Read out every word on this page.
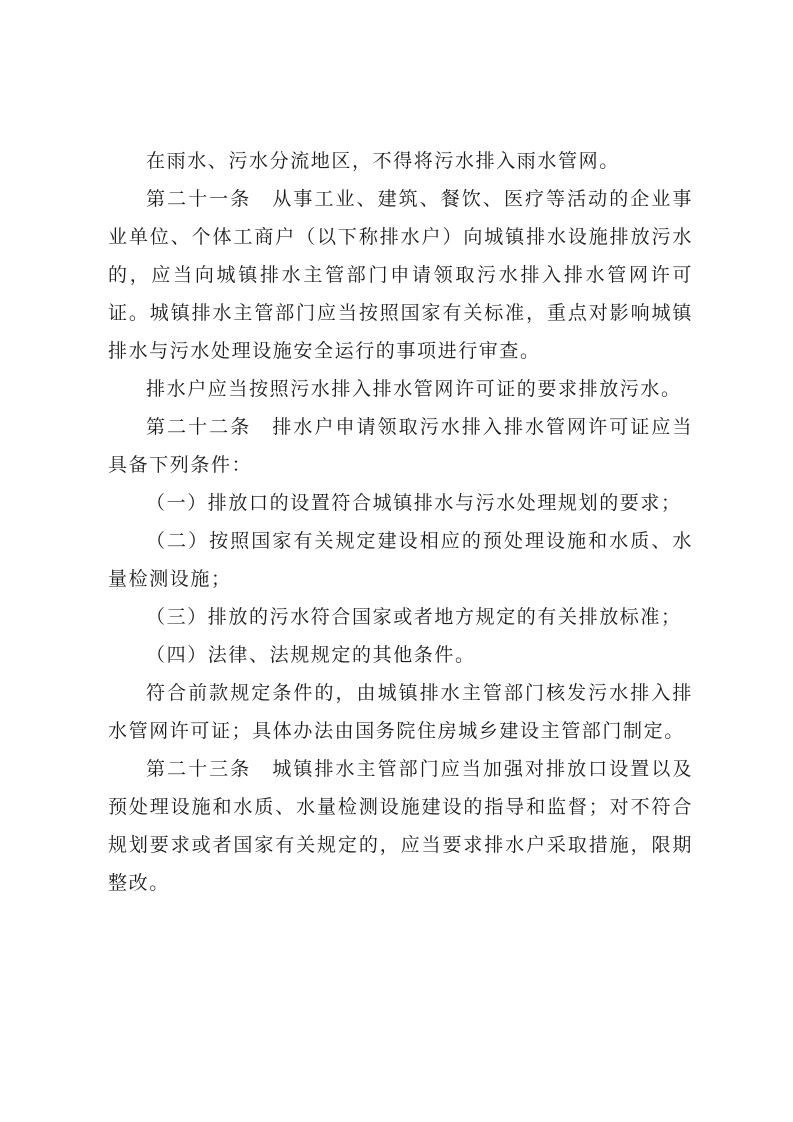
在雨水、污水分流地区，不得将污水排入雨水管网。

第二十一条　从事工业、建筑、餐饮、医疗等活动的企业事业单位、个体工商户（以下称排水户）向城镇排水设施排放污水的，应当向城镇排水主管部门申请领取污水排入排水管网许可证。城镇排水主管部门应当按照国家有关标准，重点对影响城镇排水与污水处理设施安全运行的事项进行审查。

排水户应当按照污水排入排水管网许可证的要求排放污水。

第二十二条　排水户申请领取污水排入排水管网许可证应当具备下列条件：

（一）排放口的设置符合城镇排水与污水处理规划的要求；

（二）按照国家有关规定建设相应的预处理设施和水质、水量检测设施；

（三）排放的污水符合国家或者地方规定的有关排放标准；

（四）法律、法规规定的其他条件。

符合前款规定条件的，由城镇排水主管部门核发污水排入排水管网许可证；具体办法由国务院住房城乡建设主管部门制定。

第二十三条　城镇排水主管部门应当加强对排放口设置以及预处理设施和水质、水量检测设施建设的指导和监督；对不符合规划要求或者国家有关规定的，应当要求排水户采取措施，限期整改。
